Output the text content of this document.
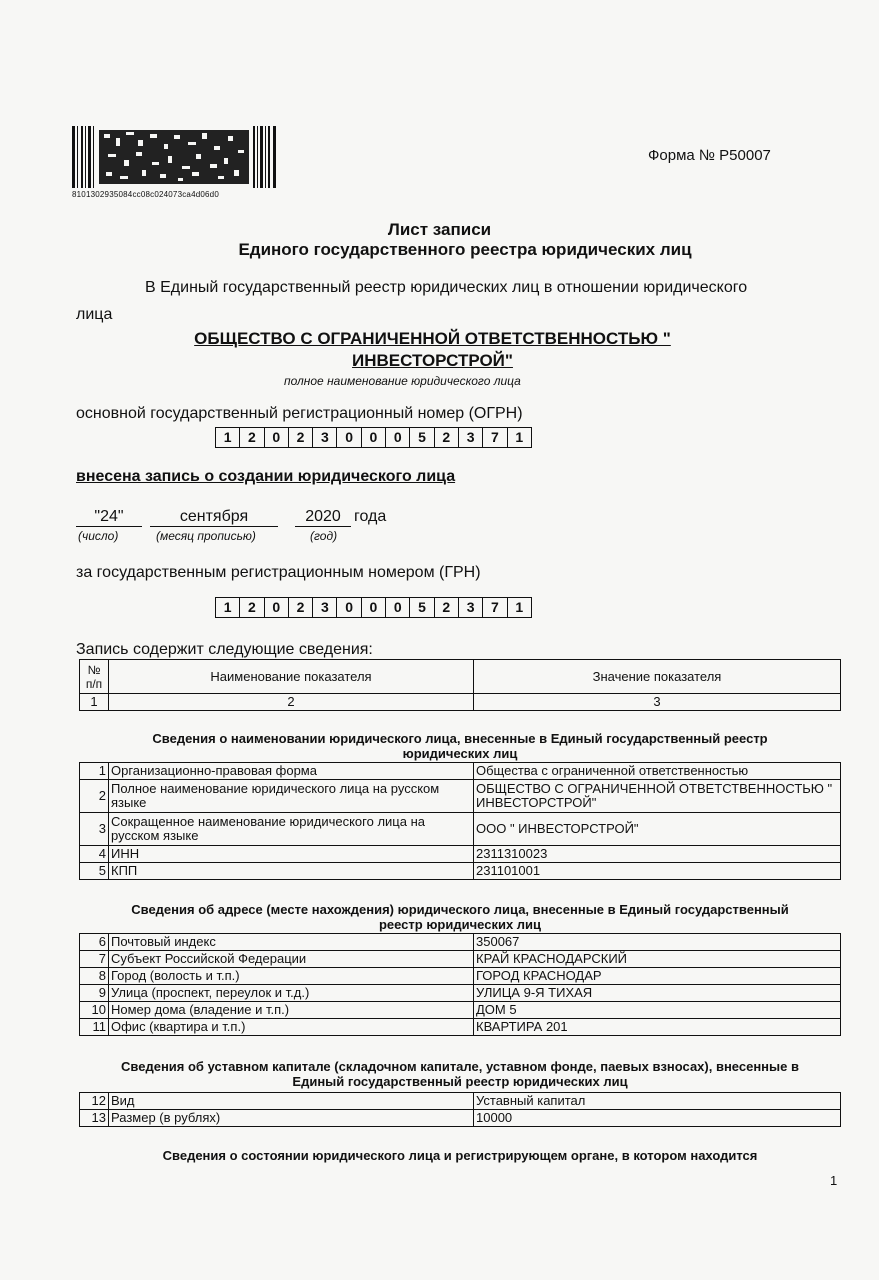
8101302935084cc08c024073ca4d06d0
Форма № Р50007
Лист записи
Единого государственного реестра юридических лиц
В Единый государственный реестр юридических лиц в отношении юридического
лица
ОБЩЕСТВО С ОГРАНИЧЕННОЙ ОТВЕТСТВЕННОСТЬЮ "
ИНВЕСТОРСТРОЙ"
полное наименование юридического лица
основной государственный регистрационный номер (ОГРН)
1	2	0	2	3	0	0	0	5	2	3	7	1
внесена запись о создании юридического лица
"24"	сентября	2020 года
(число)	(месяц прописью)	(год)
за государственным регистрационным номером (ГРН)
1	2	0	2	3	0	0	0	5	2	3	7	1
Запись содержит следующие сведения:
№ п/п	Наименование показателя	Значение показателя
1	2	3
Сведения о наименовании юридического лица, внесенные в Единый государственный реестр
юридических лиц
1	Организационно-правовая форма	Общества с ограниченной ответственностью
2	Полное наименование юридического лица на русском языке	ОБЩЕСТВО С ОГРАНИЧЕННОЙ ОТВЕТСТВЕННОСТЬЮ " ИНВЕСТОРСТРОЙ"
3	Сокращенное наименование юридического лица на русском языке	ООО " ИНВЕСТОРСТРОЙ"
4	ИНН	2311310023
5	КПП	231101001
Сведения об адресе (месте нахождения) юридического лица, внесенные в Единый государственный
реестр юридических лиц
6	Почтовый индекс	350067
7	Субъект Российской Федерации	КРАЙ КРАСНОДАРСКИЙ
8	Город (волость и т.п.)	ГОРОД КРАСНОДАР
9	Улица (проспект, переулок и т.д.)	УЛИЦА 9-Я ТИХАЯ
10	Номер дома (владение и т.п.)	ДОМ 5
11	Офис (квартира и т.п.)	КВАРТИРА 201
Сведения об уставном капитале (складочном капитале, уставном фонде, паевых взносах), внесенные в
Единый государственный реестр юридических лиц
12	Вид	Уставный капитал
13	Размер (в рублях)	10000
Сведения о состоянии юридического лица и регистрирующем органе, в котором находится
1
